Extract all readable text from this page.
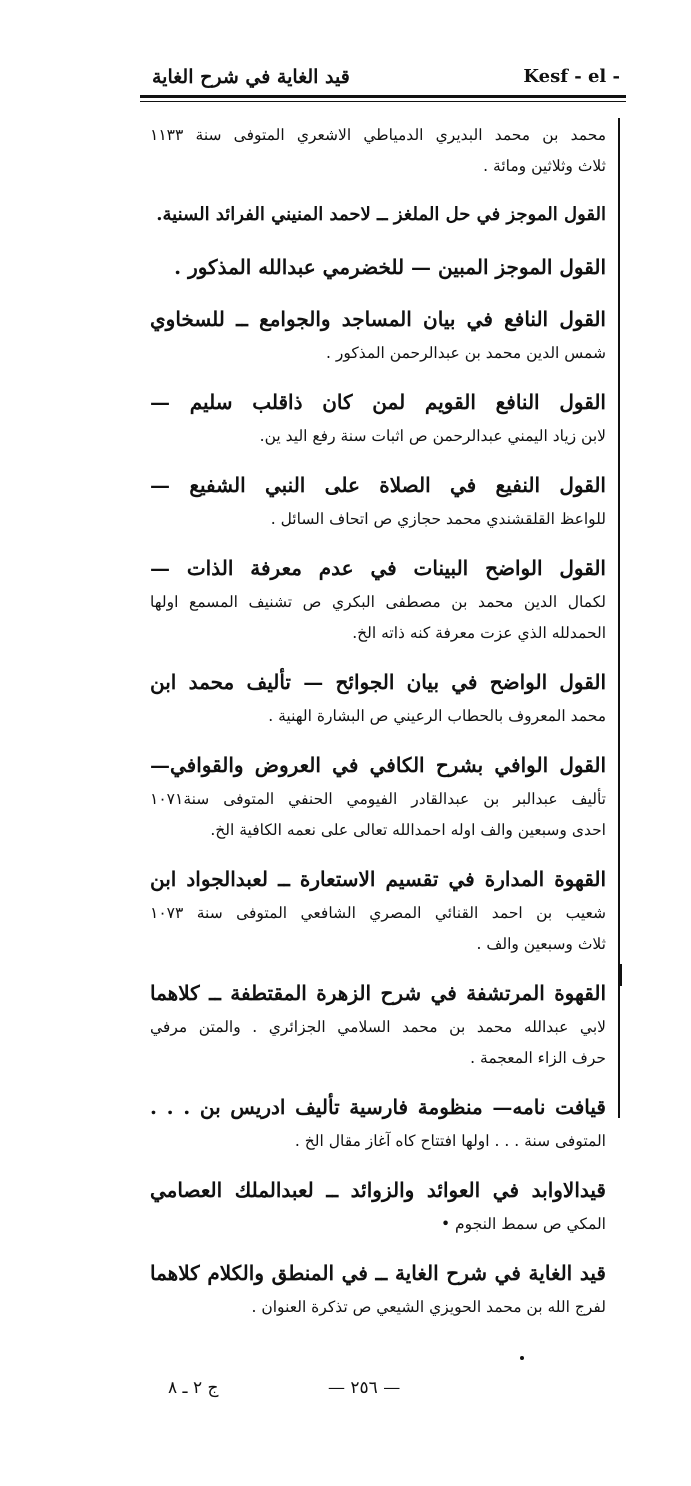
قيد الغاية في شرح الغاية	Kesf - el -
محمد بن محمد البديري الدمياطي الاشعري المتوفى سنة ١١٣٣
ثلاث وثلاثين ومائة .
القول الموجز في حل الملغز ــ لاحمد المنيني الفرائد السنية.
القول الموجز المبين — للخضرمي عبدالله المذكور .
القول النافع في بيان المساجد والجوامع ــ للسخاوي
شمس الدين محمد بن عبدالرحمن المذكور .
القول النافع القويم لمن كان ذاقلب سليم —
لابن زياد اليمني عبدالرحمن ص اثبات سنة رفع اليد ين.
القول النفيع في الصلاة على النبي الشفيع —
للواعظ القلقشندي محمد حجازي ص اتحاف السائل .
القول الواضح البينات في عدم معرفة الذات —
لكمال الدين محمد بن مصطفى البكري ص تشنيف المسمع اولها
الحمدلله الذي عزت معرفة كنه ذاته الخ.
القول الواضح في بيان الجوائح — تأليف محمد ابن
محمد المعروف بالحطاب الرعيني ص البشارة الهنية .
القول الوافي بشرح الكافي في العروض والقوافي—
تأليف عبدالبر بن عبدالقادر الفيومي الحنفي المتوفى سنة١٠٧١
احدى وسبعين والف اوله احمدالله تعالى على نعمه الكافية الخ.
القهوة المدارة في تقسيم الاستعارة ــ لعبدالجواد ابن
شعيب بن احمد القنائي المصري الشافعي المتوفى سنة ١٠٧٣
ثلاث وسبعين والف .
القهوة المرتشفة في شرح الزهرة المقتطفة ــ كلاهما
لابي عبدالله محمد بن محمد السلامي الجزائري . والمتن مرفي
حرف الزاء المعجمة .
قيافت نامه— منظومة فارسية تأليف ادريس بن . . .
المتوفى سنة . . . اولها افتتاح كاه آغاز مقال الخ .
قيدالاوابد في العوائد والزوائد ــ لعبدالملك العصامي
المكي ص سمط النجوم •
قيد الغاية في شرح الغاية ــ في المنطق والكلام كلاهما
لفرج الله بن محمد الحويزي الشيعي ص تذكرة العنوان .
ج ٢ ـ ٨	— ٢٥٦ —
